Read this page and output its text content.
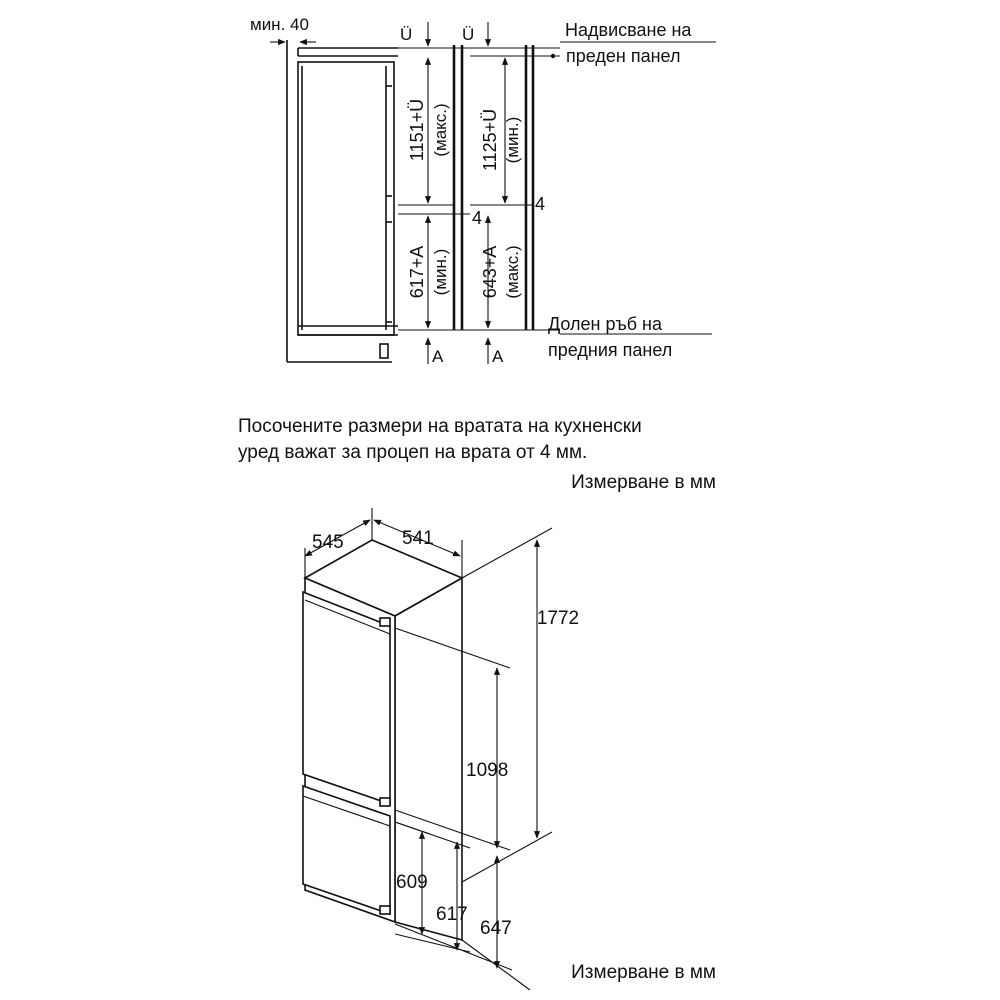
мин. 40
Ü	Ü
1151+Ü (макс.) 1125+Ü (мин.)
4
4
617+A (мин.) 643+A (макс.)
A	A
Надвисване на
преден панел
Долен ръб на
предния панел
Посочените размери на вратата на кухненски
уред важат за процеп на врата от 4 мм.
Измерване в мм
545	541
1772
1098
609
617
647
Измерване в мм
